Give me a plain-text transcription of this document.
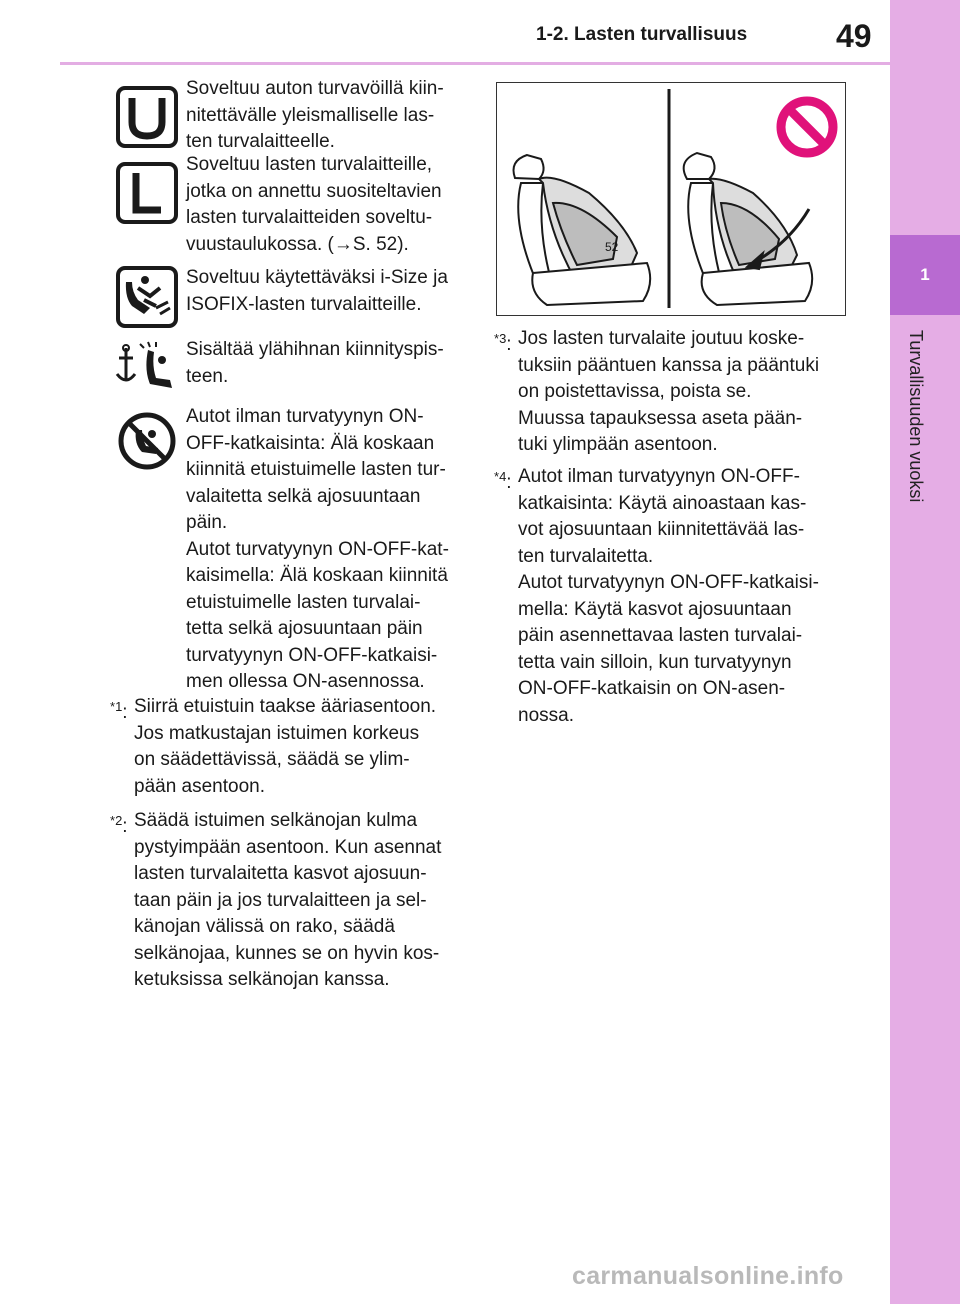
1-2. Lasten turvallisuus	49
1
Turvallisuuden vuoksi
Soveltuu auton turvavöillä kiin-
nitettävälle yleismalliselle las-
ten turvalaitteelle.
Soveltuu lasten turvalaitteille,
jotka on annettu suositeltavien
lasten turvalaitteiden soveltu-
vuustaulukossa. (→S. 52).
Soveltuu käytettäväksi i-Size ja
ISOFIX-lasten turvalaitteille.
Sisältää ylähihnan kiinnityspis-
teen.
Autot ilman turvatyynyn ON-
OFF-katkaisinta: Älä koskaan
kiinnitä etuistuimelle lasten tur-
valaitetta selkä ajosuuntaan
päin.
Autot turvatyynyn ON-OFF-kat-
kaisimella: Älä koskaan kiinnitä
etuistuimelle lasten turvalai-
tetta selkä ajosuuntaan päin
turvatyynyn ON-OFF-katkaisi-
men ollessa ON-asennossa.
$^{*1}$: Siirrä etuistuin taakse ääriasentoon.
Jos matkustajan istuimen korkeus
on säädettävissä, säädä se ylim-
pään asentoon.
$^{*2}$: Säädä istuimen selkänojan kulma
pystyimpään asentoon. Kun asennat
lasten turvalaitetta kasvot ajosuun-
taan päin ja jos turvalaitteen ja sel-
känojan välissä on rako, säädä
selkänojaa, kunnes se on hyvin kos-
ketuksissa selkänojan kanssa.
52
$^{*3}$: Jos lasten turvalaite joutuu koske-
tuksiin pääntuen kanssa ja pääntuki
on poistettavissa, poista se.
Muussa tapauksessa aseta pään-
tuki ylimpään asentoon.
$^{*4}$: Autot ilman turvatyynyn ON-OFF-
katkaisinta: Käytä ainoastaan kas-
vot ajosuuntaan kiinnitettävää las-
ten turvalaitetta.
Autot turvatyynyn ON-OFF-katkaisi-
mella: Käytä kasvot ajosuuntaan
päin asennettavaa lasten turvalai-
tetta vain silloin, kun turvatyynyn
ON-OFF-katkaisin on ON-asen-
nossa.
carmanualsonline.info
